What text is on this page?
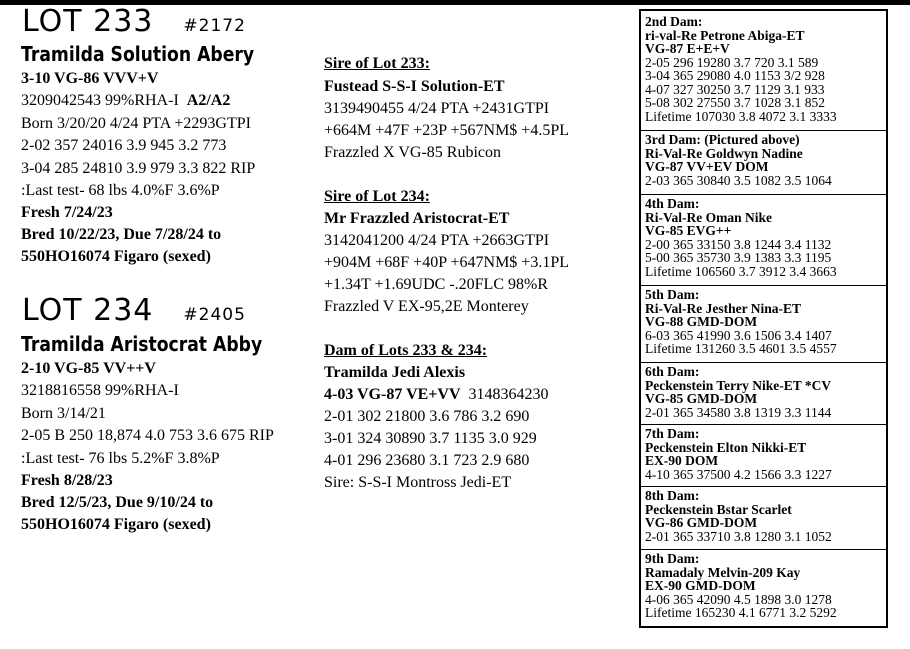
LOT 233 #2172
Tramilda Solution Abery
3-10 VG-86 VVV+V
3209042543 99%RHA-I A2/A2
Born 3/20/20 4/24 PTA +2293GTPI
2-02 357 24016 3.9 945 3.2 773
3-04 285 24810 3.9 979 3.3 822 RIP
:Last test- 68 lbs 4.0%F 3.6%P
Fresh 7/24/23
Bred 10/22/23, Due 7/28/24 to
550HO16074 Figaro (sexed)
LOT 234 #2405
Tramilda Aristocrat Abby
2-10 VG-85 VV++V
3218816558 99%RHA-I
Born 3/14/21
2-05 B 250 18,874 4.0 753 3.6 675 RIP
:Last test- 76 lbs 5.2%F 3.8%P
Fresh 8/28/23
Bred 12/5/23, Due 9/10/24 to
550HO16074 Figaro (sexed)
Sire of Lot 233:
Fustead S-S-I Solution-ET
3139490455 4/24 PTA +2431GTPI
+664M +47F +23P +567NM$ +4.5PL
Frazzled X VG-85 Rubicon
Sire of Lot 234:
Mr Frazzled Aristocrat-ET
3142041200 4/24 PTA +2663GTPI
+904M +68F +40P +647NM$ +3.1PL
+1.34T +1.69UDC -.20FLC 98%R
Frazzled V EX-95,2E Monterey
Dam of Lots 233 & 234:
Tramilda Jedi Alexis
4-03 VG-87 VE+VV 3148364230
2-01 302 21800 3.6 786 3.2 690
3-01 324 30890 3.7 1135 3.0 929
4-01 296 23680 3.1 723 2.9 680
Sire: S-S-I Montross Jedi-ET
2nd Dam:
ri-val-Re Petrone Abiga-ET
VG-87 E+E+V
2-05 296 19280 3.7 720 3.1 589
3-04 365 29080 4.0 1153 3/2 928
4-07 327 30250 3.7 1129 3.1 933
5-08 302 27550 3.7 1028 3.1 852
Lifetime 107030 3.8 4072 3.1 3333
3rd Dam: (Pictured above)
Ri-Val-Re Goldwyn Nadine
VG-87 VV+EV DOM
2-03 365 30840 3.5 1082 3.5 1064
4th Dam:
Ri-Val-Re Oman Nike
VG-85 EVG++
2-00 365 33150 3.8 1244 3.4 1132
5-00 365 35730 3.9 1383 3.3 1195
Lifetime 106560 3.7 3912 3.4 3663
5th Dam:
Ri-Val-Re Jesther Nina-ET
VG-88 GMD-DOM
6-03 365 41990 3.6 1506 3.4 1407
Lifetime 131260 3.5 4601 3.5 4557
6th Dam:
Peckenstein Terry Nike-ET *CV
VG-85 GMD-DOM
2-01 365 34580 3.8 1319 3.3 1144
7th Dam:
Peckenstein Elton Nikki-ET
EX-90 DOM
4-10 365 37500 4.2 1566 3.3 1227
8th Dam:
Peckenstein Bstar Scarlet
VG-86 GMD-DOM
2-01 365 33710 3.8 1280 3.1 1052
9th Dam:
Ramadaly Melvin-209 Kay
EX-90 GMD-DOM
4-06 365 42090 4.5 1898 3.0 1278
Lifetime 165230 4.1 6771 3.2 5292
